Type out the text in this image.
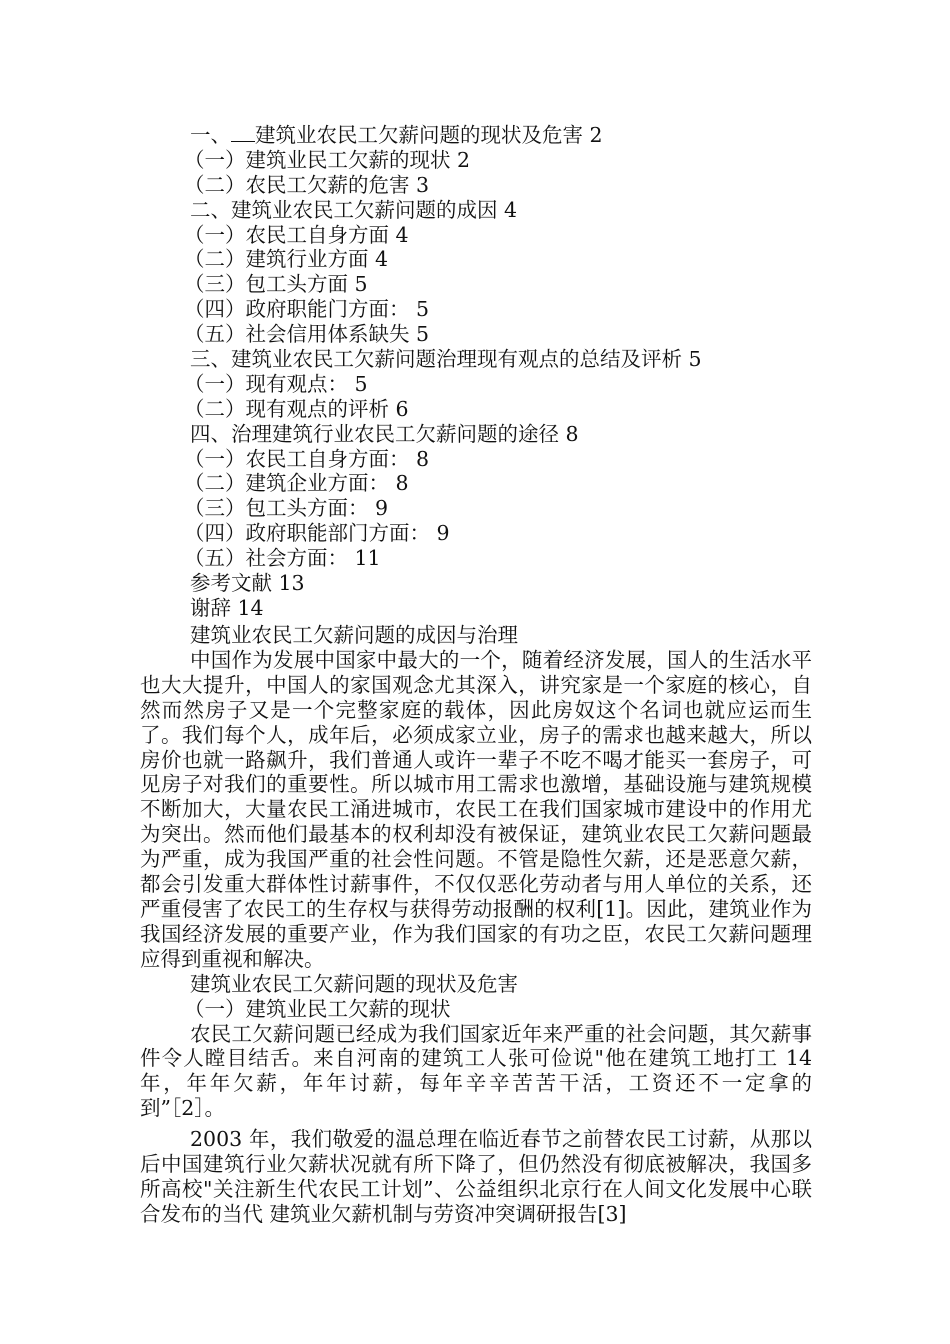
一、 建筑业农民工欠薪问题的现状及危害 2
（一）建筑业民工欠薪的现状 2
（二）农民工欠薪的危害 3
二、建筑业农民工欠薪问题的成因 4
（一）农民工自身方面 4
（二）建筑行业方面 4
（三）包工头方面 5
（四）政府职能门方面： 5
（五）社会信用体系缺失 5
三、建筑业农民工欠薪问题治理现有观点的总结及评析 5
（一）现有观点： 5
（二）现有观点的评析 6
四、治理建筑行业农民工欠薪问题的途径 8
（一）农民工自身方面： 8
（二）建筑企业方面： 8
（三）包工头方面： 9
（四）政府职能部门方面： 9
（五）社会方面： 11
参考文献 13
谢辞 14
建筑业农民工欠薪问题的成因与治理

中国作为发展中国家中最大的一个，随着经济发展，国人的生活水平也大大提升，中国人的家国观念尤其深入，讲究家是一个家庭的核心，自然而然房子又是一个完整家庭的载体，因此房奴这个名词也就应运而生了。我们每个人，成年后，必须成家立业，房子的需求也越来越大，所以房价也就一路飙升，我们普通人或许一辈子不吃不喝才能买一套房子，可见房子对我们的重要性。所以城市用工需求也激增，基础设施与建筑规模不断加大，大量农民工涌进城市，农民工在我们国家城市建设中的作用尤为突出。然而他们最基本的权利却没有被保证，建筑业农民工欠薪问题最为严重，成为我国严重的社会性问题。不管是隐性欠薪，还是恶意欠薪，都会引发重大群体性讨薪事件，不仅仅恶化劳动者与用人单位的关系，还严重侵害了农民工的生存权与获得劳动报酬的权利[1]。因此，建筑业作为我国经济发展的重要产业，作为我们国家的有功之臣，农民工欠薪问题理应得到重视和解决。

建筑业农民工欠薪问题的现状及危害
（一）建筑业民工欠薪的现状

农民工欠薪问题已经成为我们国家近年来严重的社会问题，其欠薪事件令人瞠目结舌。来自河南的建筑工人张可俭说"他在建筑工地打工 14 年，年年欠薪，年年讨薪，每年辛辛苦苦干活，工资还不一定拿的到”［2］。

2003 年，我们敬爱的温总理在临近春节之前替农民工讨薪，从那以后中国建筑行业欠薪状况就有所下降了，但仍然没有彻底被解决，我国多所高校"关注新生代农民工计划”、公益组织北京行在人间文化发展中心联合发布的当代 建筑业欠薪机制与劳资冲突调研报告[3]
